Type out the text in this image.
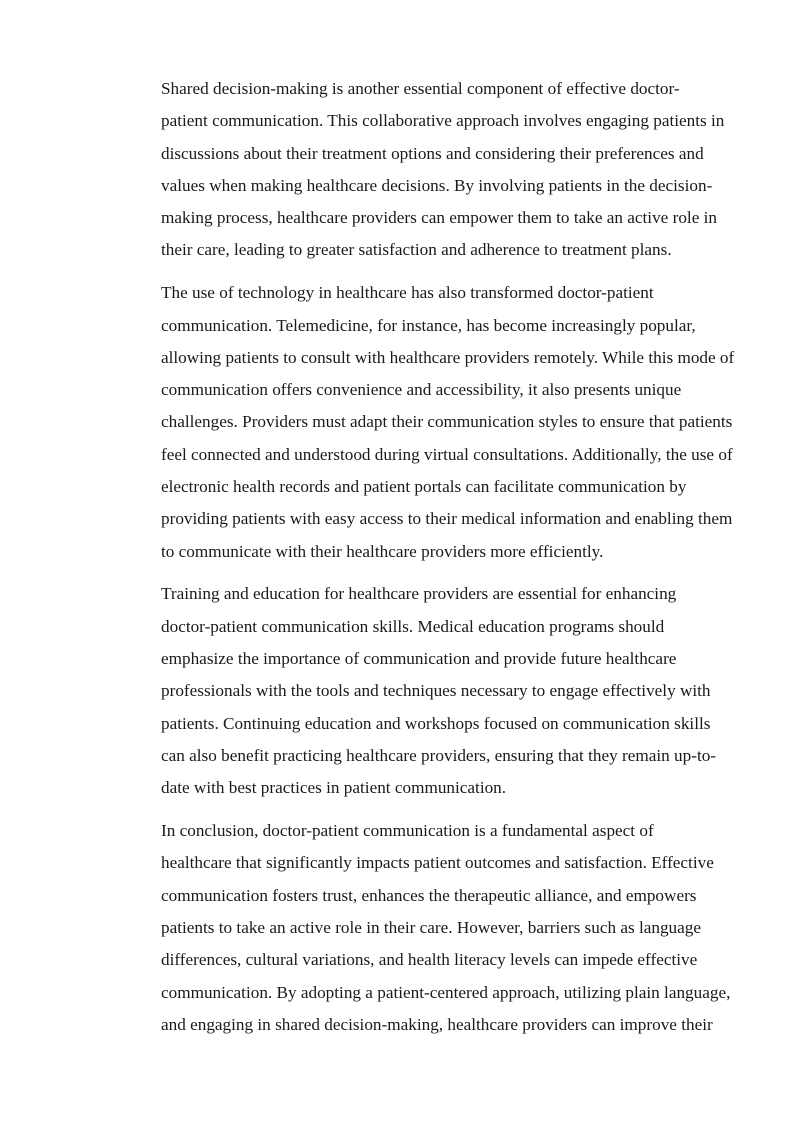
Shared decision-making is another essential component of effective doctor-
patient communication. This collaborative approach involves engaging patients in
discussions about their treatment options and considering their preferences and
values when making healthcare decisions. By involving patients in the decision-
making process, healthcare providers can empower them to take an active role in
their care, leading to greater satisfaction and adherence to treatment plans.

The use of technology in healthcare has also transformed doctor-patient
communication. Telemedicine, for instance, has become increasingly popular,
allowing patients to consult with healthcare providers remotely. While this mode of
communication offers convenience and accessibility, it also presents unique
challenges. Providers must adapt their communication styles to ensure that patients
feel connected and understood during virtual consultations. Additionally, the use of
electronic health records and patient portals can facilitate communication by
providing patients with easy access to their medical information and enabling them
to communicate with their healthcare providers more efficiently.

Training and education for healthcare providers are essential for enhancing
doctor-patient communication skills. Medical education programs should
emphasize the importance of communication and provide future healthcare
professionals with the tools and techniques necessary to engage effectively with
patients. Continuing education and workshops focused on communication skills
can also benefit practicing healthcare providers, ensuring that they remain up-to-
date with best practices in patient communication.

In conclusion, doctor-patient communication is a fundamental aspect of
healthcare that significantly impacts patient outcomes and satisfaction. Effective
communication fosters trust, enhances the therapeutic alliance, and empowers
patients to take an active role in their care. However, barriers such as language
differences, cultural variations, and health literacy levels can impede effective
communication. By adopting a patient-centered approach, utilizing plain language,
and engaging in shared decision-making, healthcare providers can improve their
